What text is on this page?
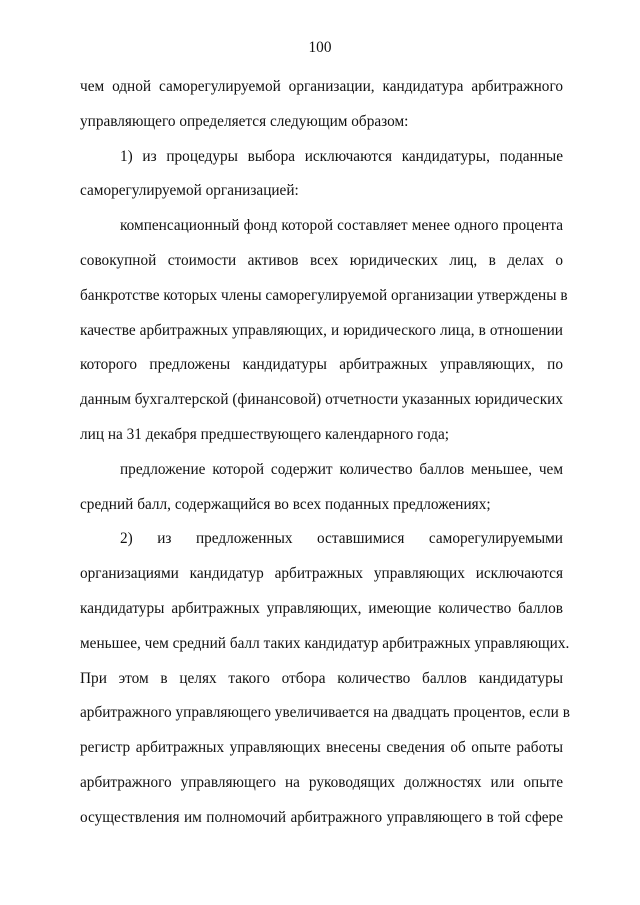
100
чем одной саморегулируемой организации, кандидатура арбитражного
управляющего определяется следующим образом:
1) из процедуры выбора исключаются кандидатуры, поданные
саморегулируемой организацией:
компенсационный фонд которой составляет менее одного процента
совокупной стоимости активов всех юридических лиц, в делах о
банкротстве которых члены саморегулируемой организации утверждены в
качестве арбитражных управляющих, и юридического лица, в отношении
которого предложены кандидатуры арбитражных управляющих, по
данным бухгалтерской (финансовой) отчетности указанных юридических
лиц на 31 декабря предшествующего календарного года;
предложение которой содержит количество баллов меньшее, чем
средний балл, содержащийся во всех поданных предложениях;
2) из предложенных оставшимися саморегулируемыми
организациями кандидатур арбитражных управляющих исключаются
кандидатуры арбитражных управляющих, имеющие количество баллов
меньшее, чем средний балл таких кандидатур арбитражных управляющих.
При этом в целях такого отбора количество баллов кандидатуры
арбитражного управляющего увеличивается на двадцать процентов, если в
регистр арбитражных управляющих внесены сведения об опыте работы
арбитражного управляющего на руководящих должностях или опыте
осуществления им полномочий арбитражного управляющего в той сфере
